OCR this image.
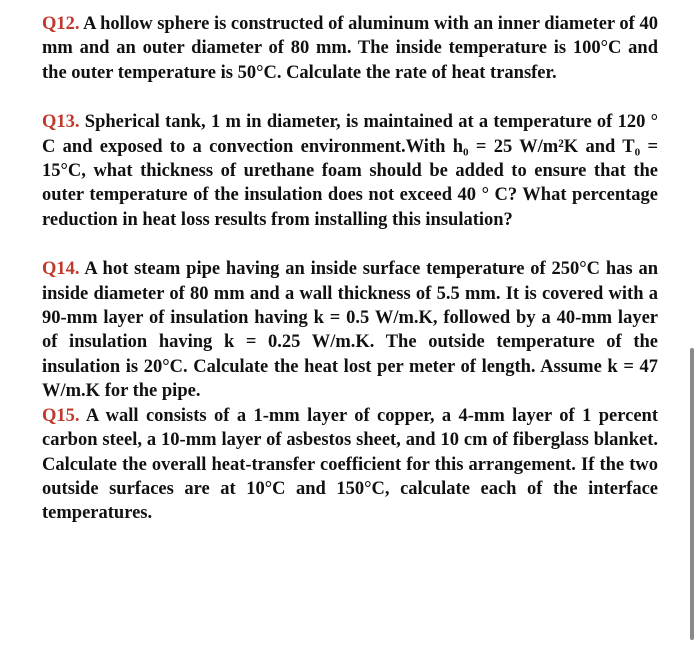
Q12. A hollow sphere is constructed of aluminum with an inner diameter of 40 mm and an outer diameter of 80 mm. The inside temperature is 100°C and the outer temperature is 50°C. Calculate the rate of heat transfer.

Q13. Spherical tank, 1 m in diameter, is maintained at a temperature of 120 ° C and exposed to a convection environment.With h₀ = 25 W/m²K and T₀ = 15°C, what thickness of urethane foam should be added to ensure that the outer temperature of the insulation does not exceed 40 ° C? What percentage reduction in heat loss results from installing this insulation?

Q14. A hot steam pipe having an inside surface temperature of 250°C has an inside diameter of 80 mm and a wall thickness of 5.5 mm. It is covered with a 90-mm layer of insulation having k = 0.5 W/m.K, followed by a 40-mm layer of insulation having k = 0.25 W/m.K. The outside temperature of the insulation is 20°C. Calculate the heat lost per meter of length. Assume k = 47 W/m.K for the pipe.

Q15. A wall consists of a 1-mm layer of copper, a 4-mm layer of 1 percent carbon steel, a 10-mm layer of asbestos sheet, and 10 cm of fiberglass blanket. Calculate the overall heat-transfer coefficient for this arrangement. If the two outside surfaces are at 10°C and 150°C, calculate each of the interface temperatures.
